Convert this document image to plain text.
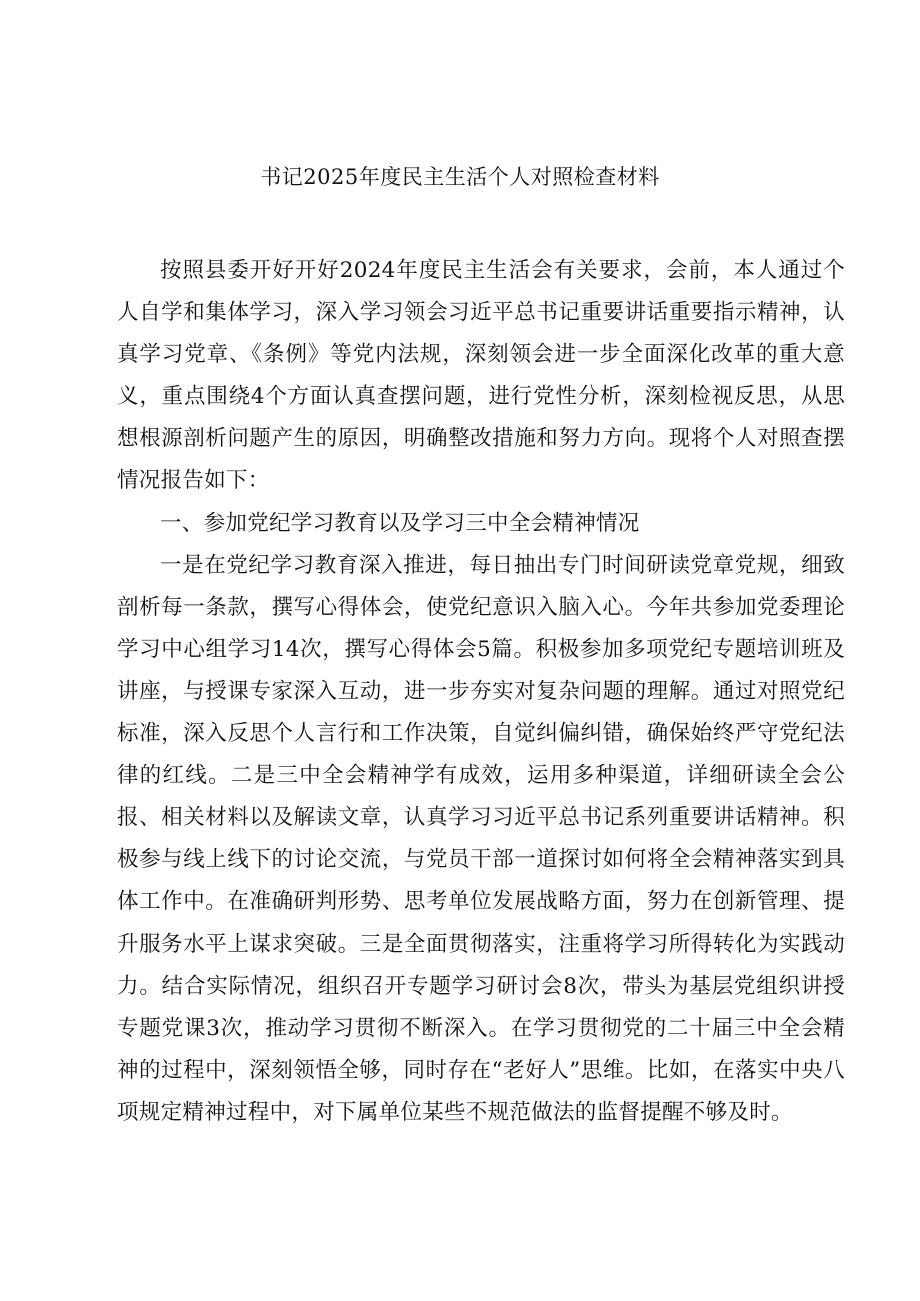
书记2025年度民主生活个人对照检查材料

按照县委开好开好2024年度民主生活会有关要求，会前，本人通过个人自学和集体学习，深入学习领会习近平总书记重要讲话重要指示精神，认真学习党章、《条例》等党内法规，深刻领会进一步全面深化改革的重大意义，重点围绕4个方面认真查摆问题，进行党性分析，深刻检视反思，从思想根源剖析问题产生的原因，明确整改措施和努力方向。现将个人对照查摆情况报告如下：

一、参加党纪学习教育以及学习三中全会精神情况

一是在党纪学习教育深入推进，每日抽出专门时间研读党章党规，细致剖析每一条款，撰写心得体会，使党纪意识入脑入心。今年共参加党委理论学习中心组学习14次，撰写心得体会5篇。积极参加多项党纪专题培训班及讲座，与授课专家深入互动，进一步夯实对复杂问题的理解。通过对照党纪标准，深入反思个人言行和工作决策，自觉纠偏纠错，确保始终严守党纪法律的红线。二是三中全会精神学有成效，运用多种渠道，详细研读全会公报、相关材料以及解读文章，认真学习习近平总书记系列重要讲话精神。积极参与线上线下的讨论交流，与党员干部一道探讨如何将全会精神落实到具体工作中。在准确研判形势、思考单位发展战略方面，努力在创新管理、提升服务水平上谋求突破。三是全面贯彻落实，注重将学习所得转化为实践动力。结合实际情况，组织召开专题学习研讨会8次，带头为基层党组织讲授专题党课3次，推动学习贯彻不断深入。在学习贯彻党的二十届三中全会精神的过程中，深刻领悟全够，同时存在“老好人”思维。比如，在落实中央八项规定精神过程中，对下属单位某些不规范做法的监督提醒不够及时。
